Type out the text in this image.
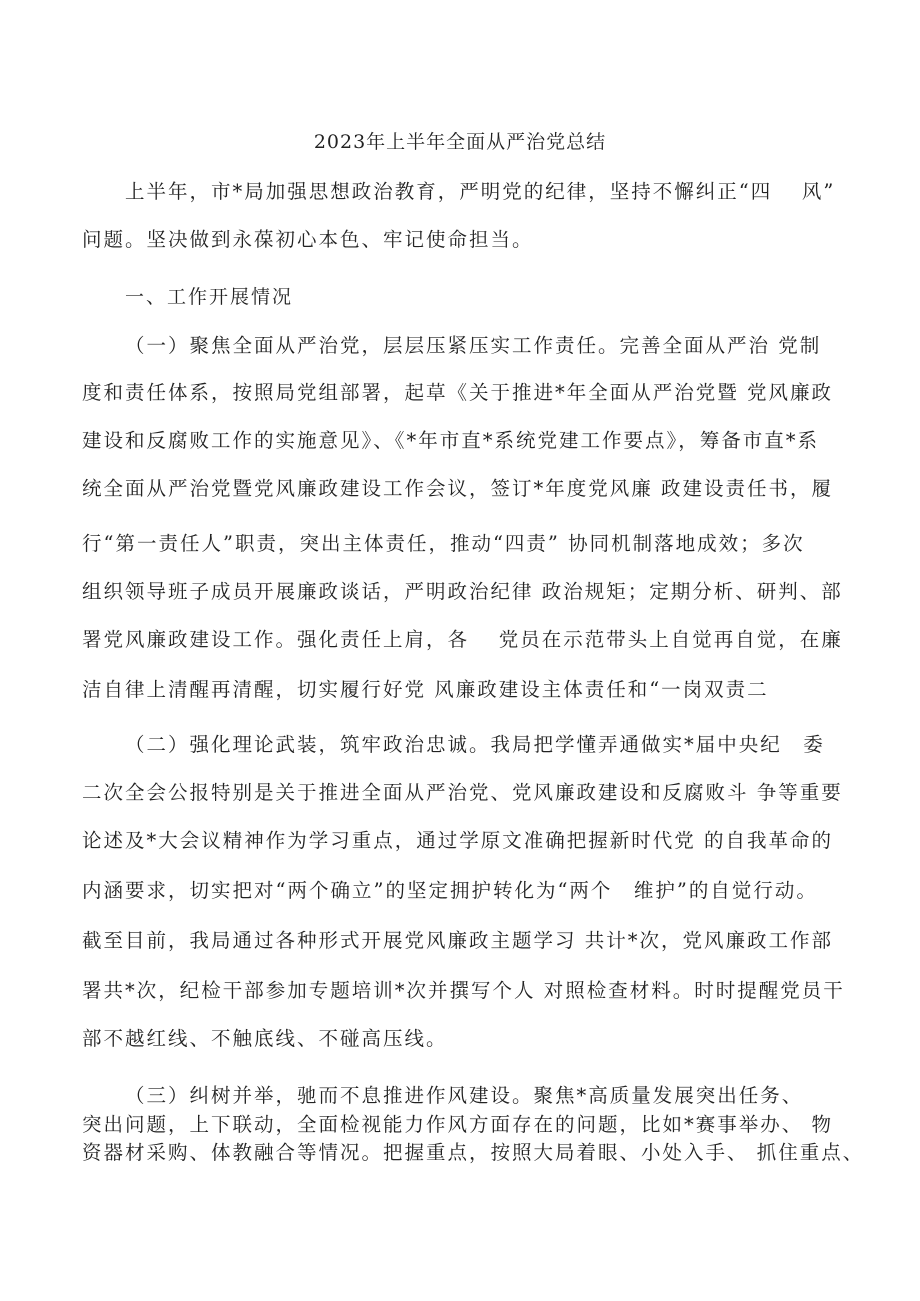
2023年上半年全面从严治党总结
上半年，市*局加强思想政治教育，严明党的纪律，坚持不懈纠正“四　 风”
问题。坚决做到永葆初心本色、牢记使命担当。
一、工作开展情况
（一）聚焦全面从严治党，层层压紧压实工作责任。完善全面从严治 党制
度和责任体系，按照局党组部署，起草《关于推进*年全面从严治党暨 党风廉政
建设和反腐败工作的实施意见》、《*年市直*系统党建工作要点》，筹备市直*系
统全面从严治党暨党风廉政建设工作会议，签订*年度党风廉 政建设责任书，履
行“第一责任人”职责，突出主体责任，推动“四责” 协同机制落地成效；多次
组织领导班子成员开展廉政谈话，严明政治纪律 政治规矩；定期分析、研判、部
署党风廉政建设工作。强化责任上肩，各　 党员在示范带头上自觉再自觉，在廉
洁自律上清醒再清醒，切实履行好党 风廉政建设主体责任和“一岗双责二
（二）强化理论武装，筑牢政治忠诚。我局把学懂弄通做实*届中央纪　委
二次全会公报特别是关于推进全面从严治党、党风廉政建设和反腐败斗 争等重要
论述及*大会议精神作为学习重点，通过学原文准确把握新时代党 的自我革命的
内涵要求，切实把对“两个确立”的坚定拥护转化为“两个　维护”的自觉行动。
截至目前，我局通过各种形式开展党风廉政主题学习 共计*次，党风廉政工作部
署共*次，纪检干部参加专题培训*次并撰写个人 对照检查材料。时时提醒党员干
部不越红线、不触底线、不碰高压线。
（三）纠树并举，驰而不息推进作风建设。聚焦*高质量发展突出任务、
突出问题，上下联动，全面检视能力作风方面存在的问题，比如*赛事举办、 物
资器材采购、体教融合等情况。把握重点，按照大局着眼、小处入手、 抓住重点、
